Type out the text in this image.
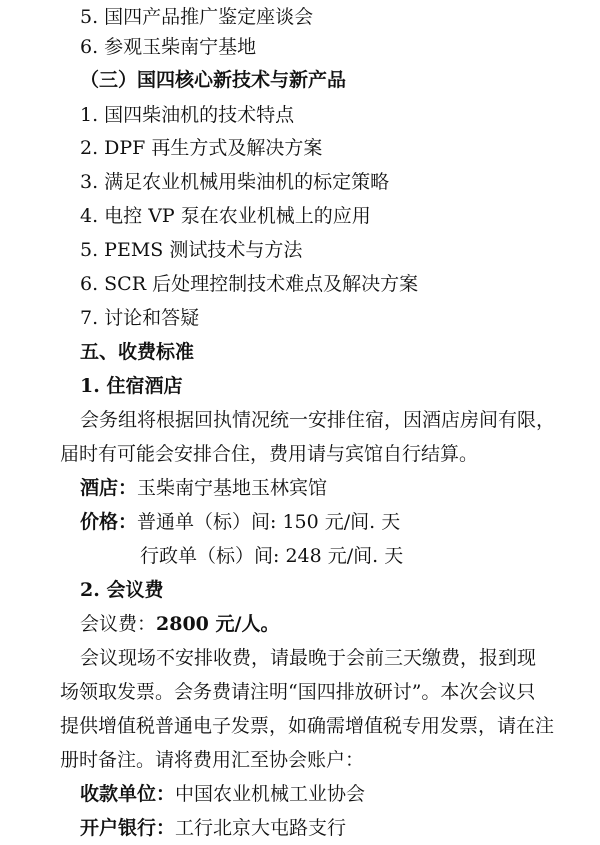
5. 国四产品推广鉴定座谈会
6. 参观玉柴南宁基地
（三）国四核心新技术与新产品
1. 国四柴油机的技术特点
2. DPF 再生方式及解决方案
3. 满足农业机械用柴油机的标定策略
4. 电控 VP 泵在农业机械上的应用
5. PEMS 测试技术与方法
6. SCR 后处理控制技术难点及解决方案
7. 讨论和答疑
五、收费标准
1. 住宿酒店
会务组将根据回执情况统一安排住宿，因酒店房间有限，
届时有可能会安排合住，费用请与宾馆自行结算。
酒店：玉柴南宁基地玉林宾馆
价格：普通单（标）间: 150 元/间. 天
行政单（标）间: 248 元/间. 天
2. 会议费
会议费：2800 元/人。
会议现场不安排收费，请最晚于会前三天缴费，报到现
场领取发票。会务费请注明“国四排放研讨”。本次会议只
提供增值税普通电子发票，如确需增值税专用发票，请在注
册时备注。请将费用汇至协会账户：
收款单位：中国农业机械工业协会
开户银行：工行北京大屯路支行
